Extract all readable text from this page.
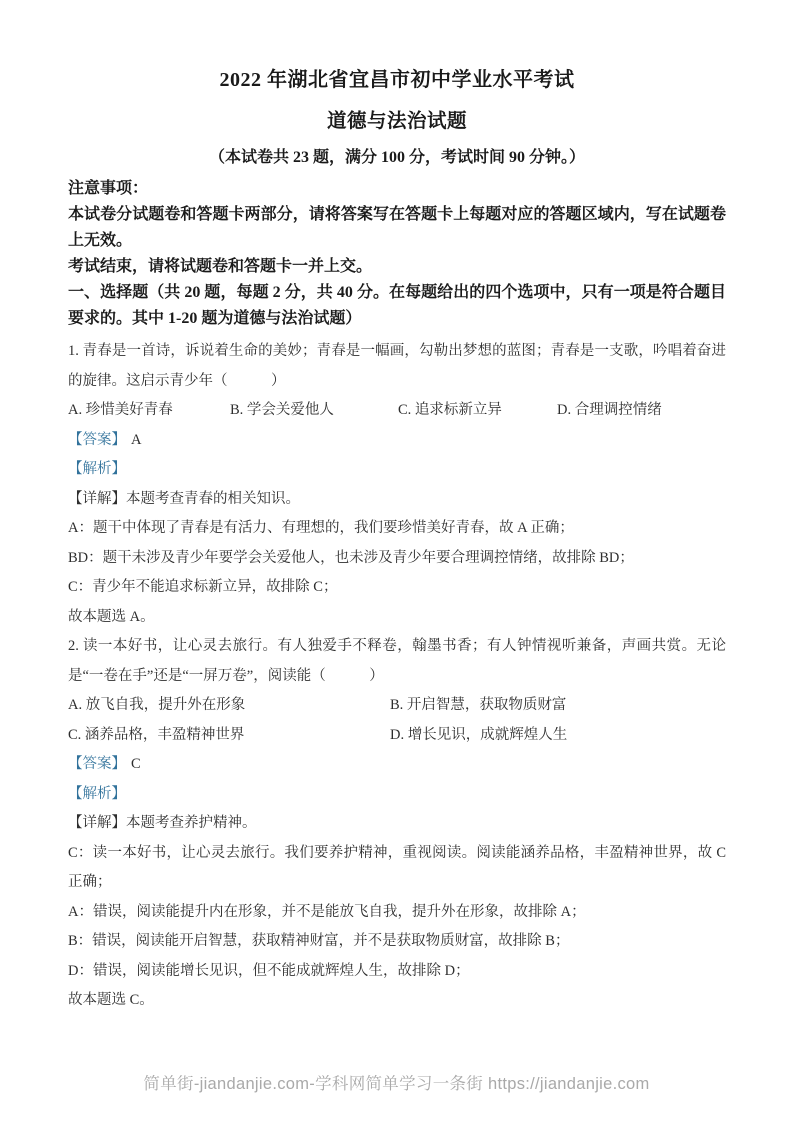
2022 年湖北省宜昌市初中学业水平考试
道德与法治试题
（本试卷共 23 题，满分 100 分，考试时间 90 分钟。）

注意事项：

本试卷分试题卷和答题卡两部分，请将答案写在答题卡上每题对应的答题区域内，写在试题卷上无效。

考试结束，请将试题卷和答题卡一并上交。

一、选择题（共 20 题，每题 2 分，共 40 分。在每题给出的四个选项中，只有一项是符合题目要求的。其中 1-20 题为道德与法治试题）

1. 青春是一首诗，诉说着生命的美妙；青春是一幅画，勾勒出梦想的蓝图；青春是一支歌，吟唱着奋进的旋律。这启示青少年（　　　）

A. 珍惜美好青春	B. 学会关爱他人	C. 追求标新立异	D. 合理调控情绪

【答案】 A

【解析】

【详解】本题考查青春的相关知识。

A：题干中体现了青春是有活力、有理想的，我们要珍惜美好青春，故 A 正确；

BD：题干未涉及青少年要学会关爱他人，也未涉及青少年要合理调控情绪，故排除 BD；

C：青少年不能追求标新立异，故排除 C；

故本题选 A。

2. 读一本好书，让心灵去旅行。有人独爱手不释卷，翰墨书香；有人钟情视听兼备，声画共赏。无论是“一卷在手”还是“一屏万卷”，阅读能（　　　）

A. 放飞自我，提升外在形象	B. 开启智慧，获取物质财富
C. 涵养品格，丰盈精神世界	D. 增长见识，成就辉煌人生

【答案】 C

【解析】

【详解】本题考查养护精神。

C：读一本好书，让心灵去旅行。我们要养护精神，重视阅读。阅读能涵养品格，丰盈精神世界，故 C 正确；

A：错误，阅读能提升内在形象，并不是能放飞自我，提升外在形象，故排除 A；

B：错误，阅读能开启智慧，获取精神财富，并不是获取物质财富，故排除 B；

D：错误，阅读能增长见识，但不能成就辉煌人生，故排除 D；

故本题选 C。

简单街-jiandanjie.com-学科网简单学习一条街 https://jiandanjie.com
